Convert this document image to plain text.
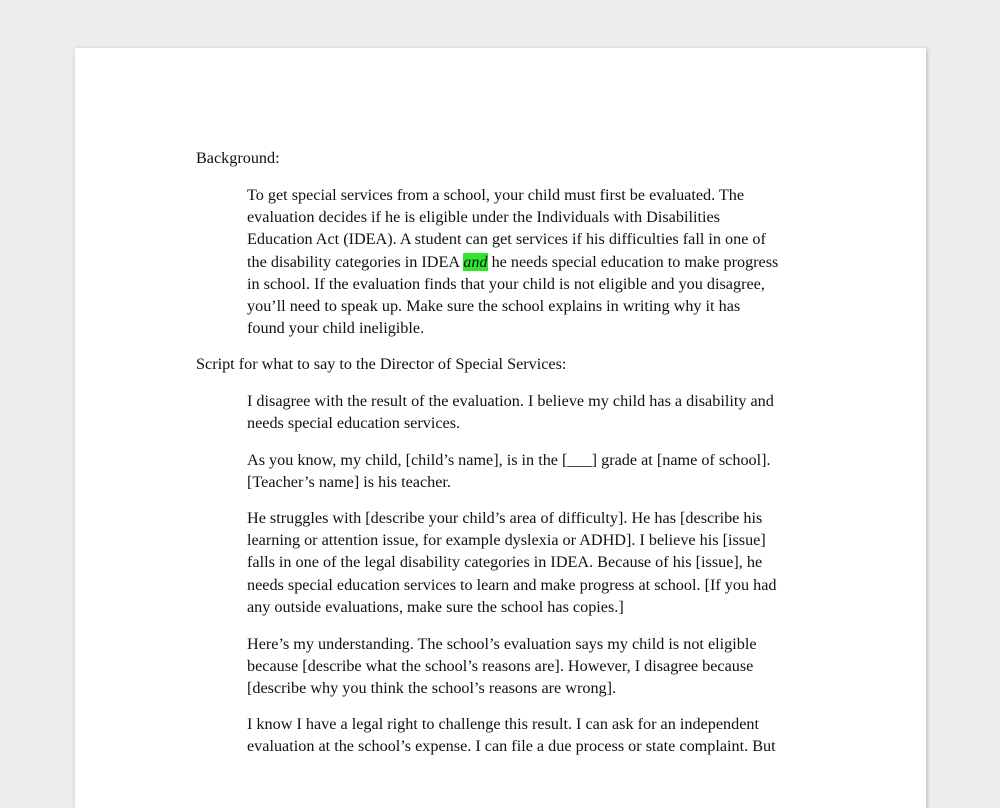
Background:
To get special services from a school, your child must first be evaluated. The
evaluation decides if he is eligible under the Individuals with Disabilities
Education Act (IDEA). A student can get services if his difficulties fall in one of
the disability categories in IDEA and he needs special education to make progress
in school. If the evaluation finds that your child is not eligible and you disagree,
you’ll need to speak up. Make sure the school explains in writing why it has
found your child ineligible.
Script for what to say to the Director of Special Services:
I disagree with the result of the evaluation. I believe my child has a disability and
needs special education services.
As you know, my child, [child’s name], is in the [___] grade at [name of school].
[Teacher’s name] is his teacher.
He struggles with [describe your child’s area of difficulty]. He has [describe his
learning or attention issue, for example dyslexia or ADHD]. I believe his [issue]
falls in one of the legal disability categories in IDEA. Because of his [issue], he
needs special education services to learn and make progress at school. [If you had
any outside evaluations, make sure the school has copies.]
Here’s my understanding. The school’s evaluation says my child is not eligible
because [describe what the school’s reasons are]. However, I disagree because
[describe why you think the school’s reasons are wrong].
I know I have a legal right to challenge this result. I can ask for an independent
evaluation at the school’s expense. I can file a due process or state complaint. But
